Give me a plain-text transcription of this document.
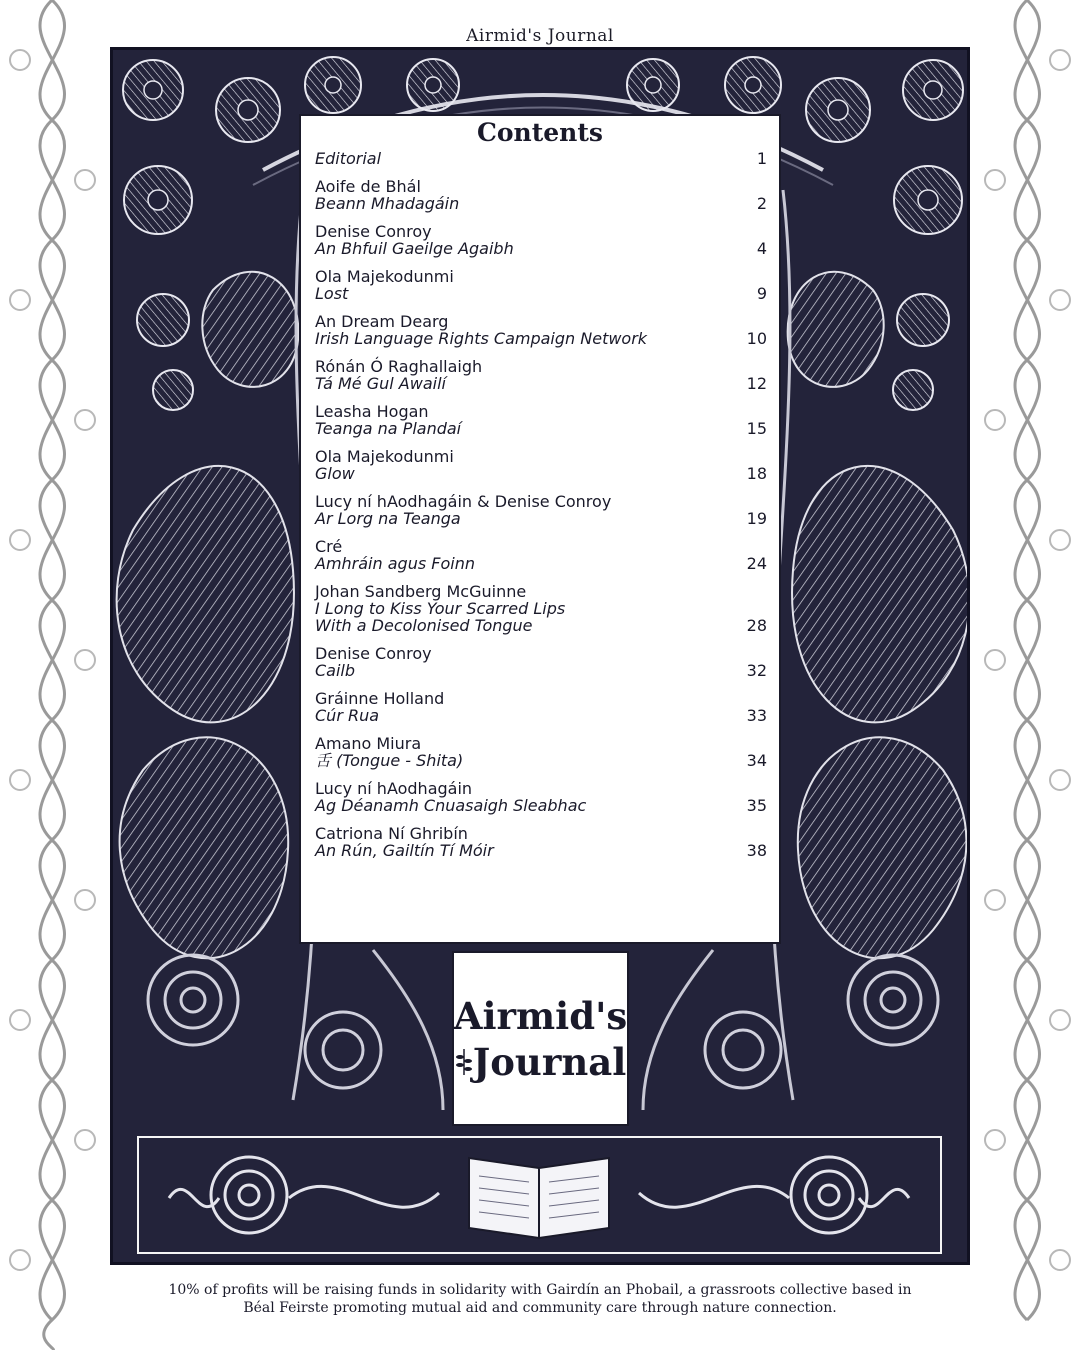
Airmid's Journal
Contents
Editorial	1
Aoife de Bhál
Beann Mhadagáin	2
Denise Conroy
An Bhfuil Gaeilge Agaibh	4
Ola Majekodunmi
Lost	9
An Dream Dearg
Irish Language Rights Campaign Network	10
Rónán Ó Raghallaigh
Tá Mé Gul Awailí	12
Leasha Hogan
Teanga na Plandaí	15
Ola Majekodunmi
Glow	18
Lucy ní hAodhagáin & Denise Conroy
Ar Lorg na Teanga	19
Cré
Amhráin agus Foinn	24
Johan Sandberg McGuinne
I Long to Kiss Your Scarred Lips
With a Decolonised Tongue	28
Denise Conroy
Cailb	32
Gráinne Holland
Cúr Rua	33
Amano Miura
舌 (Tongue - Shita)	34
Lucy ní hAodhagáin
Ag Déanamh Cnuasaigh Sleabhac	35
Catriona Ní Ghribín
An Rún, Gailtín Tí Móir	38
Airmid's
Journal
10% of profits will be raising funds in solidarity with Gairdín an Phobail, a grassroots collective based in
Béal Feirste promoting mutual aid and community care through nature connection.
